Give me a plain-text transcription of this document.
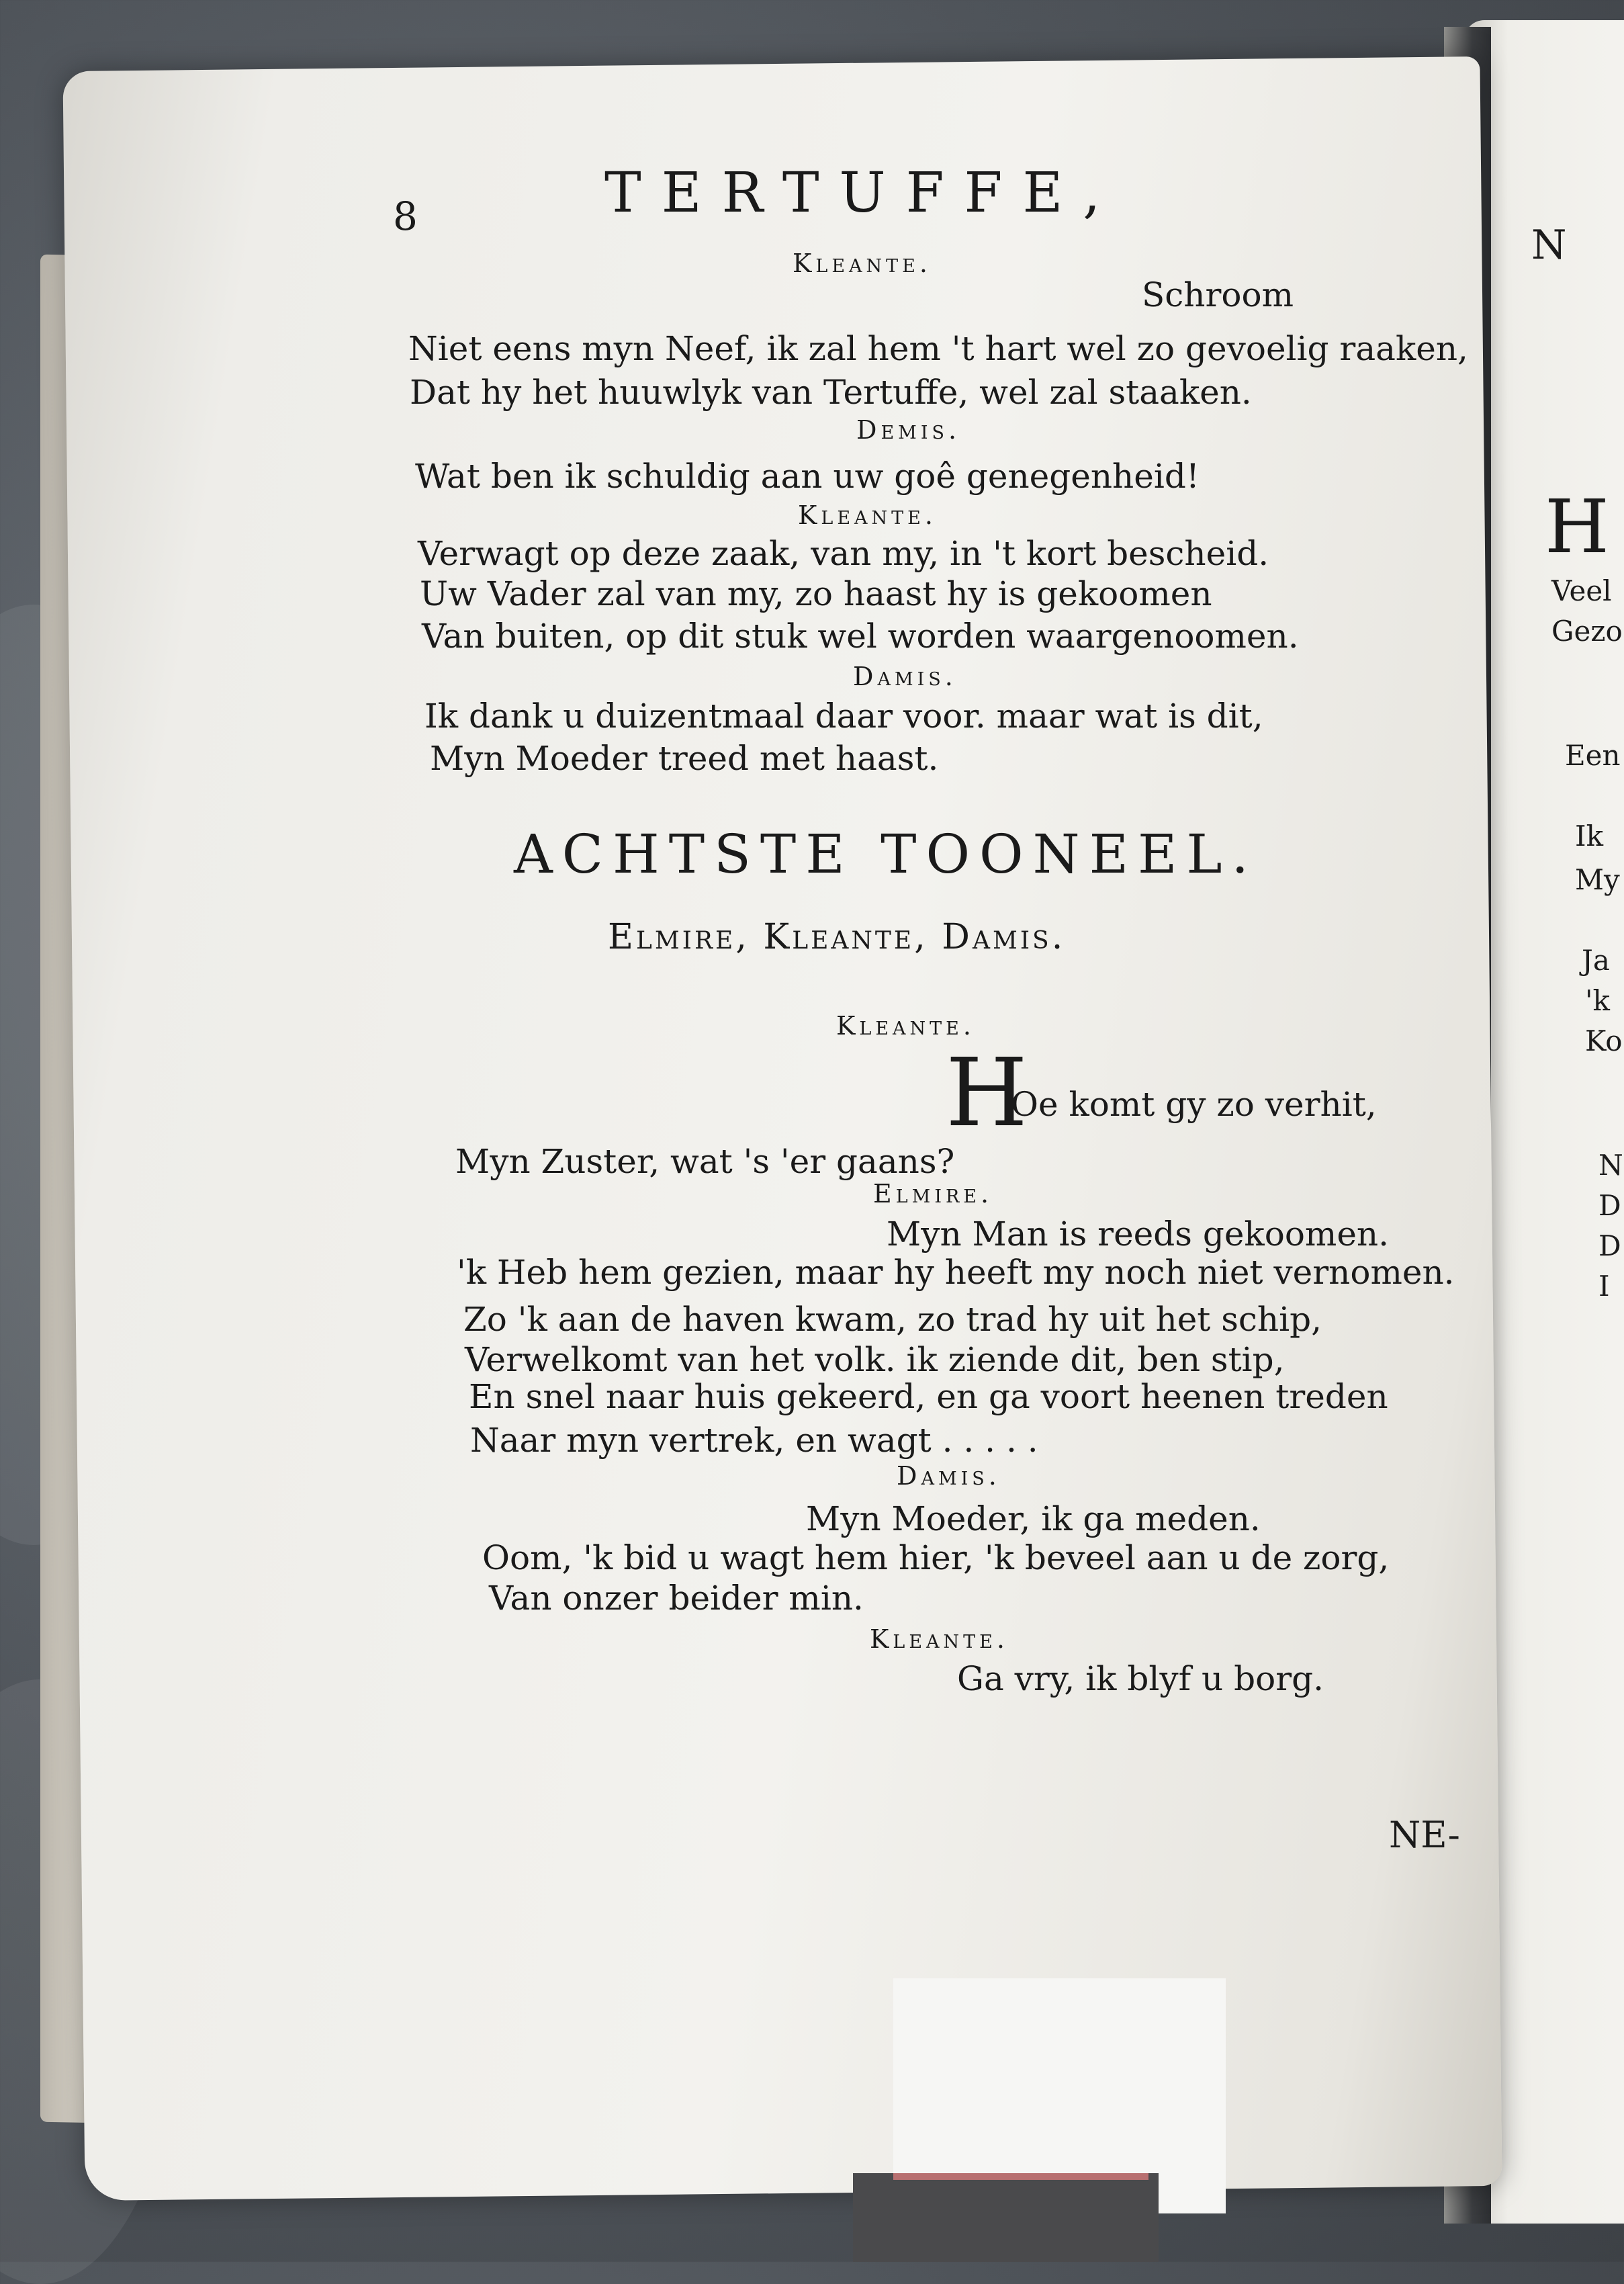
N
H
Veel
Gezo
Een
Ik
My
Ja
'k
Ko
N
D
D
I
8	TERTUFFE,
Kleante.
Schroom
Niet eens myn Neef, ik zal hem 't hart wel zo gevoelig raaken,
Dat hy het huuwlyk van Tertuffe, wel zal staaken.
Demis.
Wat ben ik schuldig aan uw goê genegenheid!
Kleante.
Verwagt op deze zaak, van my, in 't kort bescheid.
Uw Vader zal van my, zo haast hy is gekoomen
Van buiten, op dit stuk wel worden waargenoomen.
Damis.
Ik dank u duizentmaal daar voor. maar wat is dit,
Myn Moeder treed met haast.
ACHTSTE TOONEEL.
Elmire, Kleante, Damis.
Kleante.
H
Oe komt gy zo verhit,
Myn Zuster, wat 's 'er gaans?
Elmire.
Myn Man is reeds gekoomen.
'k Heb hem gezien, maar hy heeft my noch niet vernomen.
Zo 'k aan de haven kwam, zo trad hy uit het schip,
Verwelkomt van het volk. ik ziende dit, ben stip,
En snel naar huis gekeerd, en ga voort heenen treden
Naar myn vertrek, en wagt . . . . .
Damis.
Myn Moeder, ik ga meden.
Oom, 'k bid u wagt hem hier, 'k beveel aan u de zorg,
Van onzer beider min.
Kleante.
Ga vry, ik blyf u borg.
NE-
